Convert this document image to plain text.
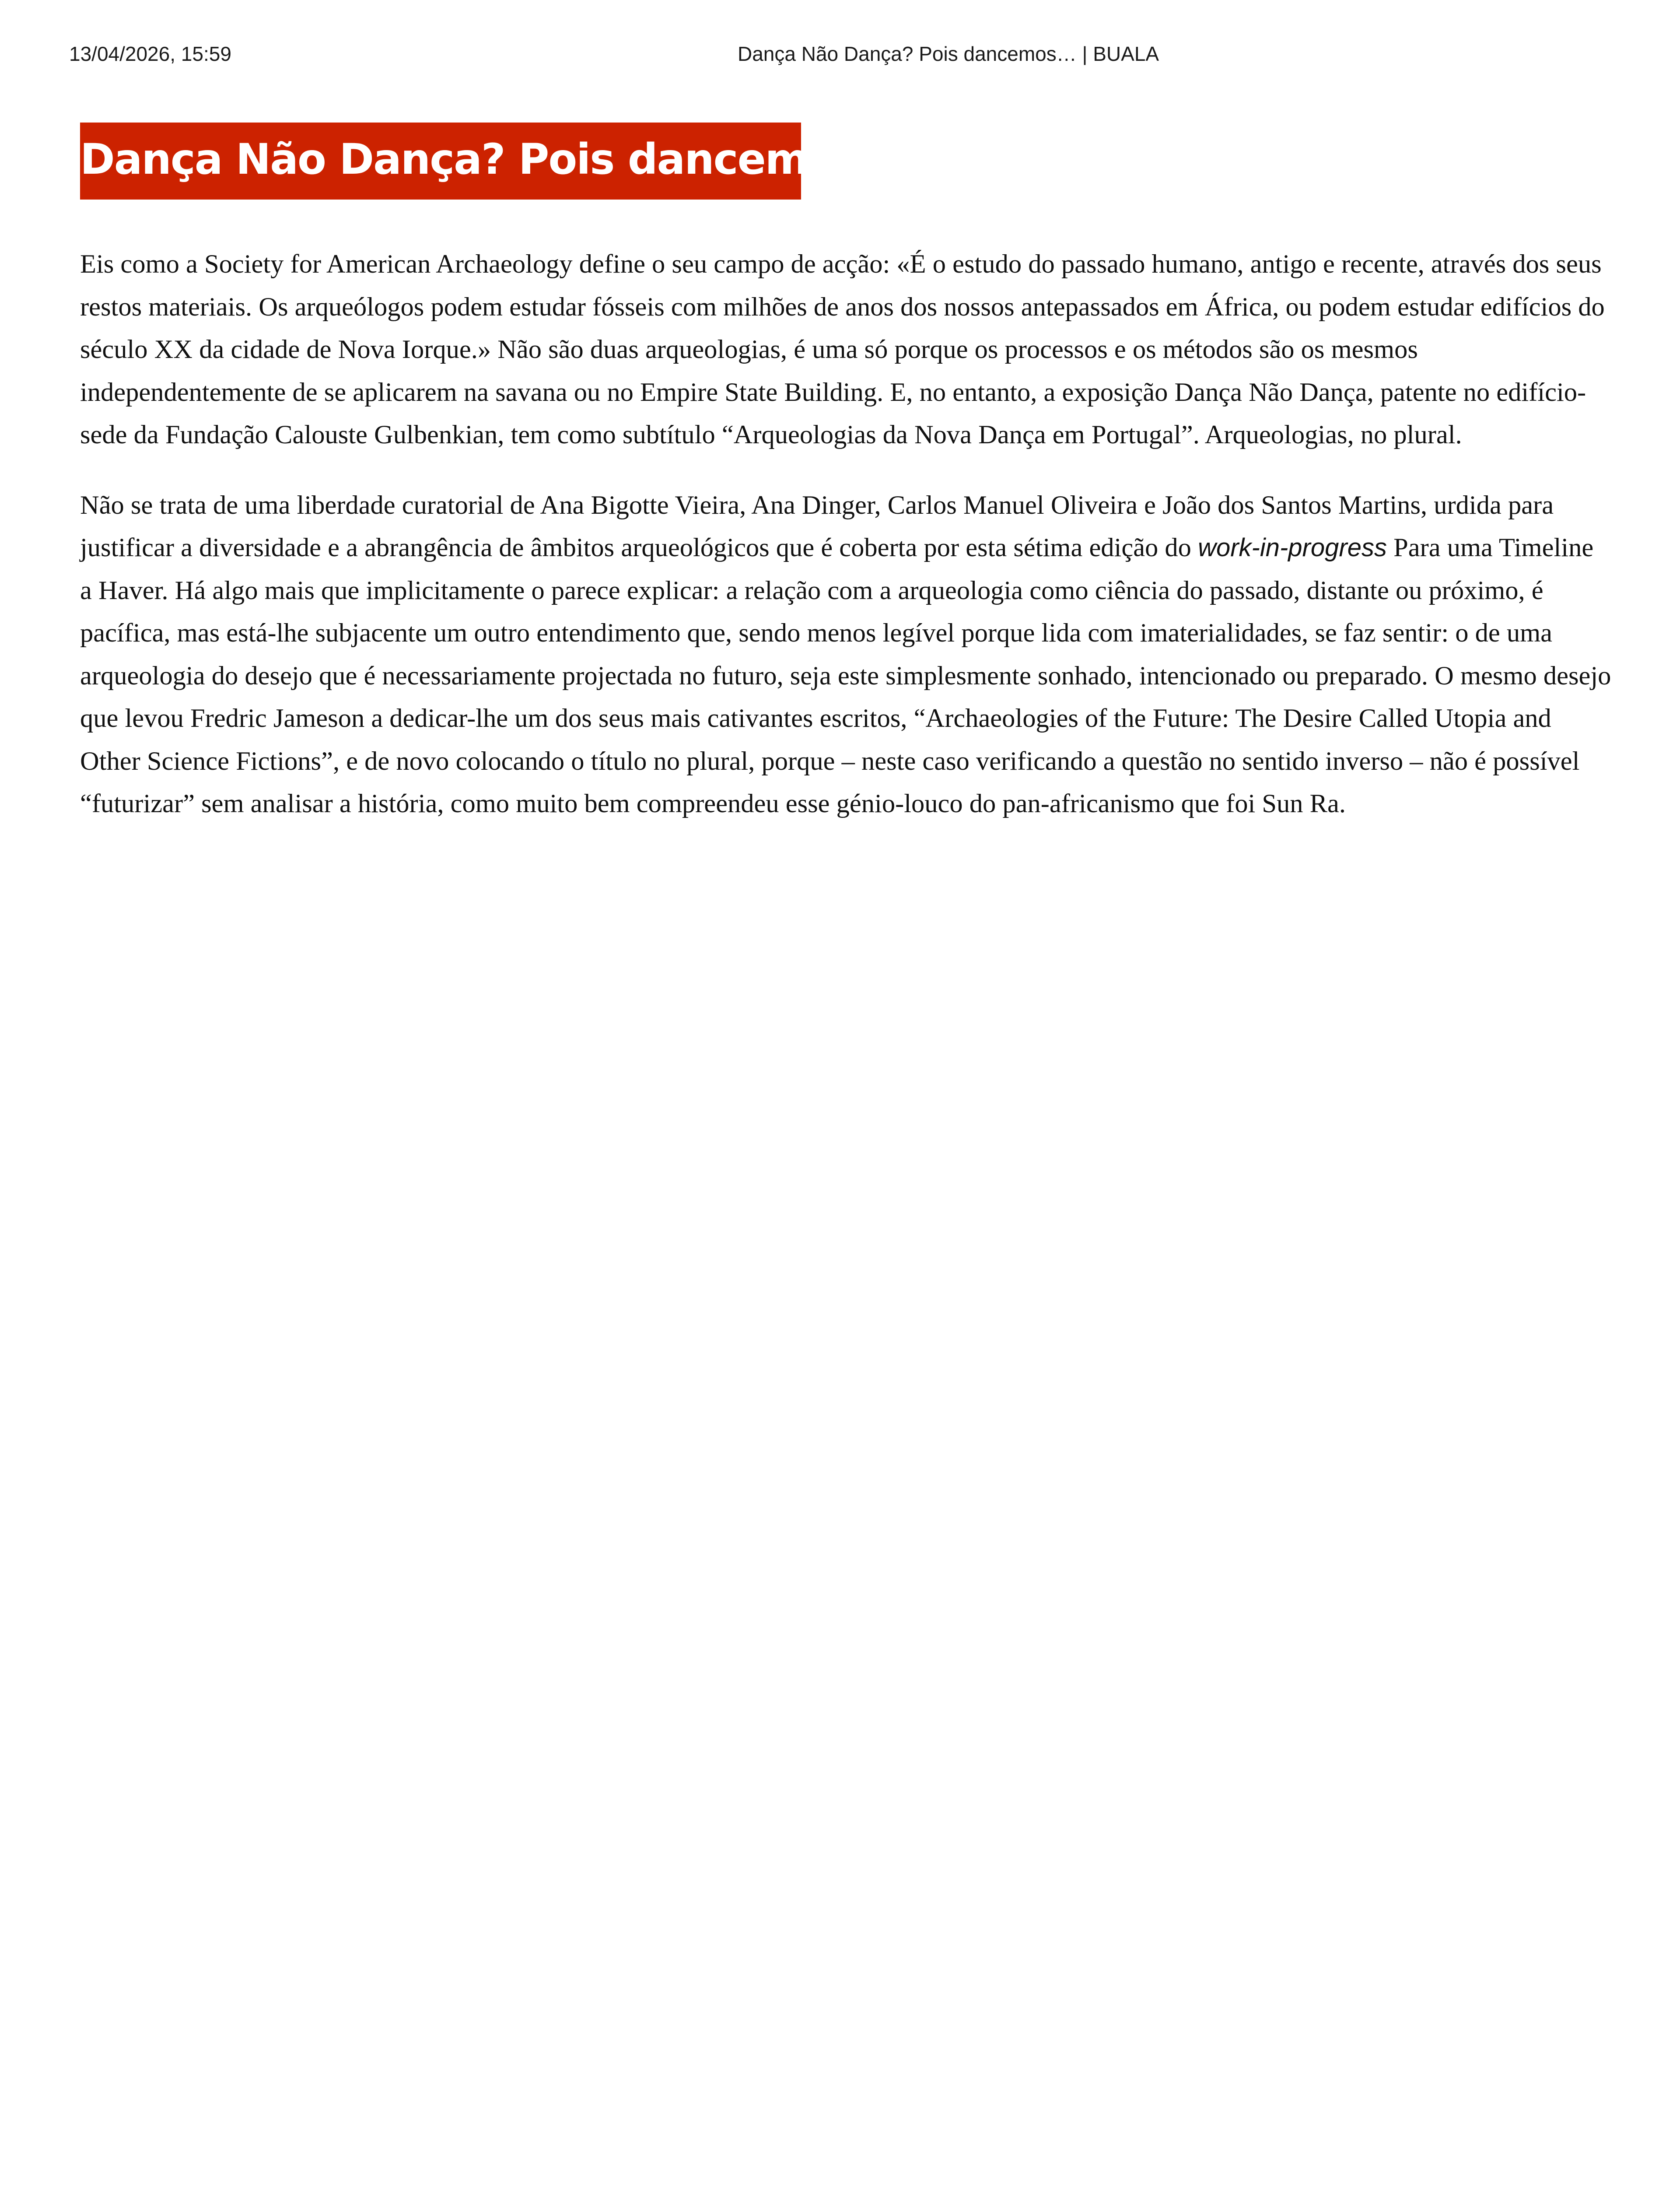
13/04/2026, 15:59	Dança Não Dança? Pois dancemos… | BUALA
Dança Não Dança? Pois dancemos…

Eis como a Society for American Archaeology define o seu campo de acção: «É o estudo do passado humano, antigo e recente, através dos seus restos materiais. Os arqueólogos podem estudar fósseis com milhões de anos dos nossos antepassados em África, ou podem estudar edifícios do século XX da cidade de Nova Iorque.» Não são duas arqueologias, é uma só porque os processos e os métodos são os mesmos independentemente de se aplicarem na savana ou no Empire State Building. E, no entanto, a exposição Dança Não Dança, patente no edifício-sede da Fundação Calouste Gulbenkian, tem como subtítulo “Arqueologias da Nova Dança em Portugal”. Arqueologias, no plural.

Não se trata de uma liberdade curatorial de Ana Bigotte Vieira, Ana Dinger, Carlos Manuel Oliveira e João dos Santos Martins, urdida para justificar a diversidade e a abrangência de âmbitos arqueológicos que é coberta por esta sétima edição do work-in-progress Para uma Timeline a Haver. Há algo mais que implicitamente o parece explicar: a relação com a arqueologia como ciência do passado, distante ou próximo, é pacífica, mas está-lhe subjacente um outro entendimento que, sendo menos legível porque lida com imaterialidades, se faz sentir: o de uma arqueologia do desejo que é necessariamente projectada no futuro, seja este simplesmente sonhado, intencionado ou preparado. O mesmo desejo que levou Fredric Jameson a dedicar-lhe um dos seus mais cativantes escritos, “Archaeologies of the Future: The Desire Called Utopia and Other Science Fictions”, e de novo colocando o título no plural, porque – neste caso verificando a questão no sentido inverso – não é possível “futurizar” sem analisar a história, como muito bem compreendeu esse génio-louco do pan-africanismo que foi Sun Ra.
